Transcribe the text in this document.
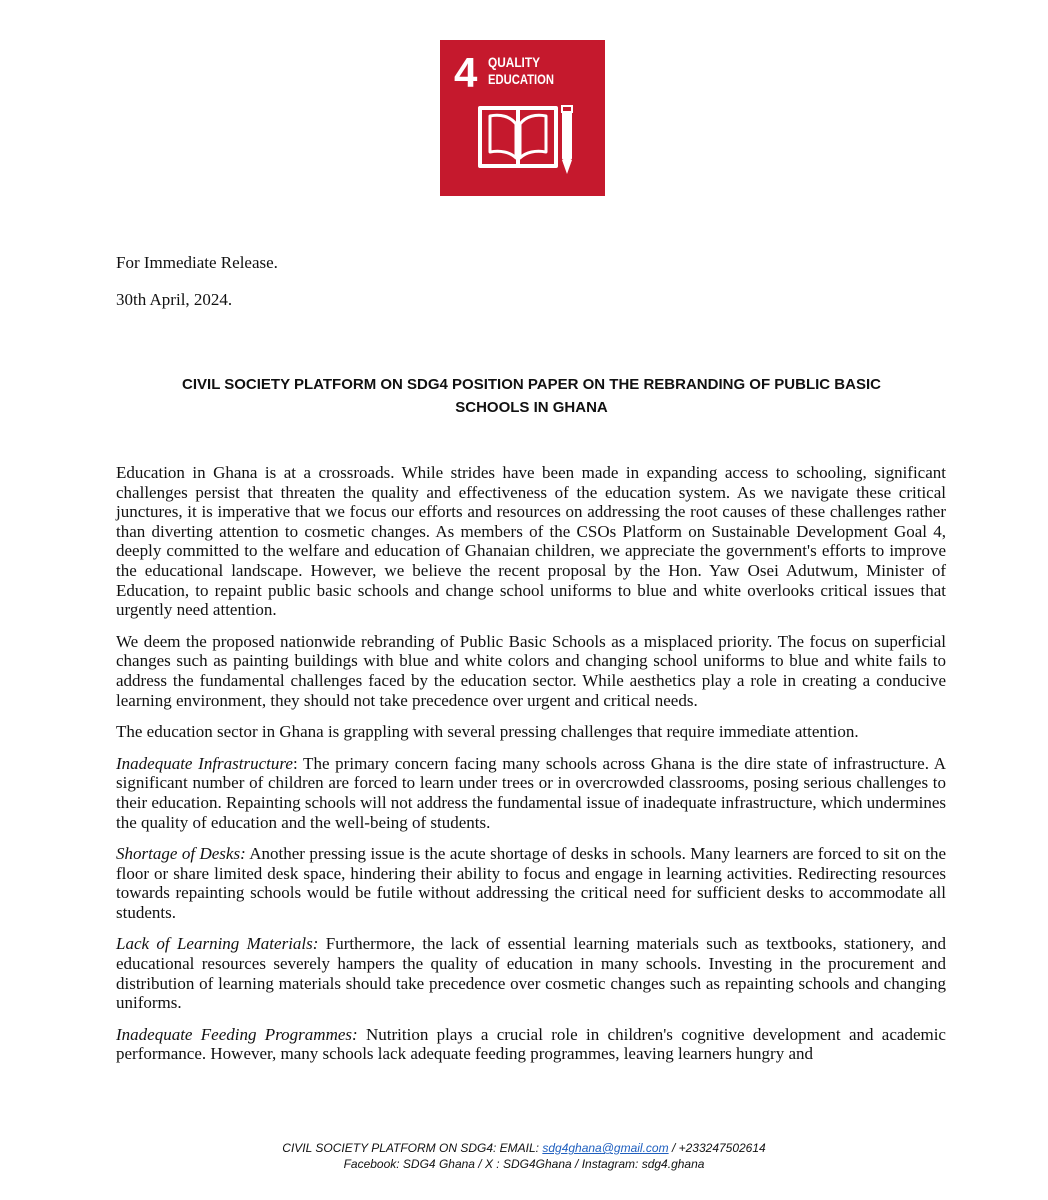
4 QUALITY
EDUCATION
For Immediate Release.
30th April, 2024.
CIVIL SOCIETY PLATFORM ON SDG4 POSITION PAPER ON THE REBRANDING OF PUBLIC BASIC
SCHOOLS IN GHANA

Education in Ghana is at a crossroads. While strides have been made in expanding access to schooling, significant challenges persist that threaten the quality and effectiveness of the education system. As we navigate these critical junctures, it is imperative that we focus our efforts and resources on addressing the root causes of these challenges rather than diverting attention to cosmetic changes. As members of the CSOs Platform on Sustainable Development Goal 4, deeply committed to the welfare and education of Ghanaian children, we appreciate the government's efforts to improve the educational landscape. However, we believe the recent proposal by the Hon. Yaw Osei Adutwum, Minister of Education, to repaint public basic schools and change school uniforms to blue and white overlooks critical issues that urgently need attention.

We deem the proposed nationwide rebranding of Public Basic Schools as a misplaced priority. The focus on superficial changes such as painting buildings with blue and white colors and changing school uniforms to blue and white fails to address the fundamental challenges faced by the education sector. While aesthetics play a role in creating a conducive learning environment, they should not take precedence over urgent and critical needs.

The education sector in Ghana is grappling with several pressing challenges that require immediate attention.

Inadequate Infrastructure: The primary concern facing many schools across Ghana is the dire state of infrastructure. A significant number of children are forced to learn under trees or in overcrowded classrooms, posing serious challenges to their education. Repainting schools will not address the fundamental issue of inadequate infrastructure, which undermines the quality of education and the well-being of students.

Shortage of Desks: Another pressing issue is the acute shortage of desks in schools. Many learners are forced to sit on the floor or share limited desk space, hindering their ability to focus and engage in learning activities. Redirecting resources towards repainting schools would be futile without addressing the critical need for sufficient desks to accommodate all students.

Lack of Learning Materials: Furthermore, the lack of essential learning materials such as textbooks, stationery, and educational resources severely hampers the quality of education in many schools. Investing in the procurement and distribution of learning materials should take precedence over cosmetic changes such as repainting schools and changing uniforms.

Inadequate Feeding Programmes: Nutrition plays a crucial role in children's cognitive development and academic performance. However, many schools lack adequate feeding programmes, leaving learners hungry and

CIVIL SOCIETY PLATFORM ON SDG4: EMAIL: sdg4ghana@gmail.com / +233247502614
Facebook: SDG4 Ghana / X : SDG4Ghana / Instagram: sdg4.ghana
